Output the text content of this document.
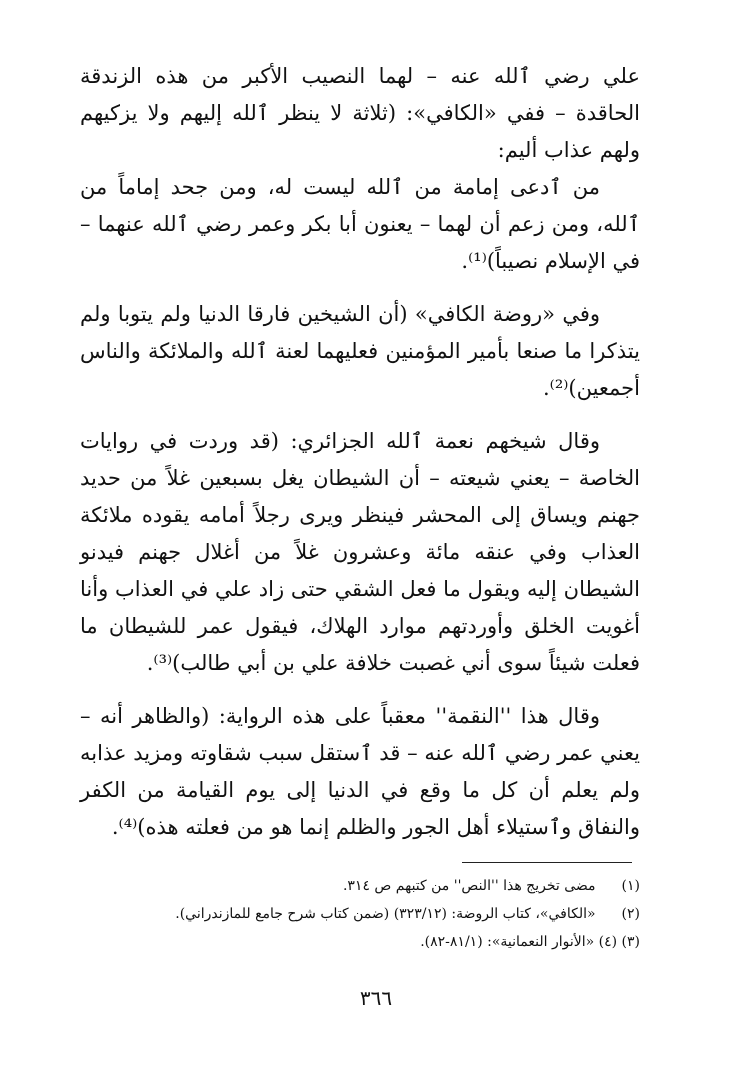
علي رضي ٱلله عنه – لهما النصيب الأكبر من هذه الزندقة الحاقدة – ففي «الكافي»: (ثلاثة لا ينظر ٱلله إليهم ولا يزكيهم ولهم عذاب أليم:

من ٱدعى إمامة من ٱلله ليست له، ومن جحد إماماً من ٱلله، ومن زعم أن لهما – يعنون أبا بكر وعمر رضي ٱلله عنهما – في الإسلام نصيباً)⁽¹⁾.

وفي «روضة الكافي» (أن الشيخين فارقا الدنيا ولم يتوبا ولم يتذكرا ما صنعا بأمير المؤمنين فعليهما لعنة ٱلله والملائكة والناس أجمعين)⁽²⁾.

وقال شيخهم نعمة ٱلله الجزائري: (قد وردت في روايات الخاصة – يعني شيعته – أن الشيطان يغل بسبعين غلاً من حديد جهنم ويساق إلى المحشر فينظر ويرى رجلاً أمامه يقوده ملائكة العذاب وفي عنقه مائة وعشرون غلاً من أغلال جهنم فيدنو الشيطان إليه ويقول ما فعل الشقي حتى زاد علي في العذاب وأنا أغويت الخلق وأوردتهم موارد الهلاك، فيقول عمر للشيطان ما فعلت شيئاً سوى أني غصبت خلافة علي بن أبي طالب)⁽³⁾.

وقال هذا ''النقمة'' معقباً على هذه الرواية: (والظاهر أنه – يعني عمر رضي ٱلله عنه – قد ٱستقل سبب شقاوته ومزيد عذابه ولم يعلم أن كل ما وقع في الدنيا إلى يوم القيامة من الكفر والنفاق وٱستيلاء أهل الجور والظلم إنما هو من فعلته هذه)⁽⁴⁾.

(١) مضى تخريج هذا ''النص'' من كتبهم ص ٣١٤.

(٢) «الكافي»، كتاب الروضة: (٣٢٣/١٢) (ضمن كتاب شرح جامع للمازندراني).

(٣) (٤) «الأنوار النعمانية»: (٨١/١-٨٢).

٣٦٦
